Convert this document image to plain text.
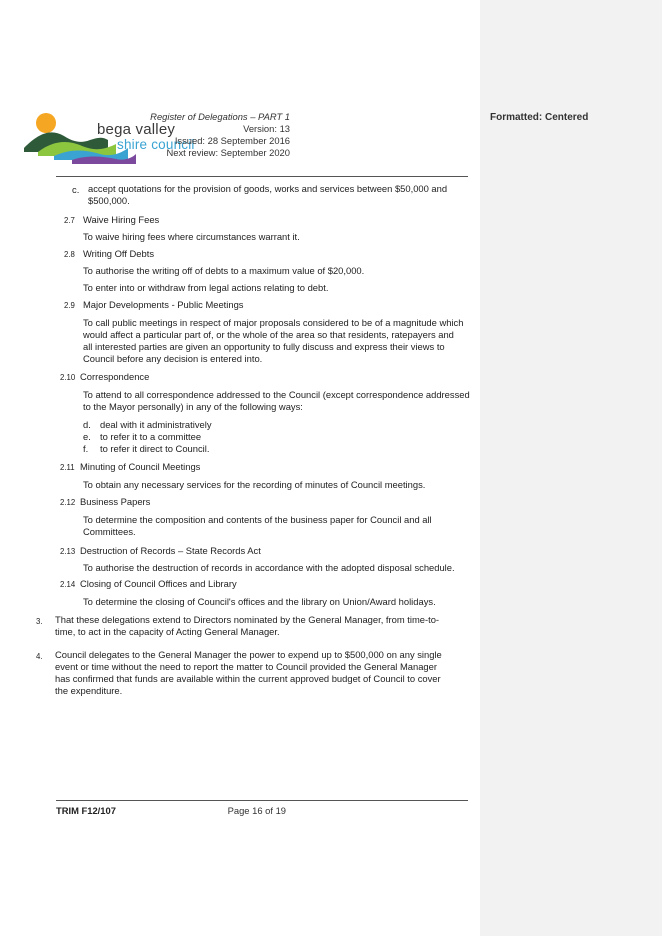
bega valley
shire council
Register of Delegations – PART 1
Version: 13
Issued: 28 September 2016
Next review: September 2020
c. accept quotations for the provision of goods, works and services between $50,000 and
$500,000.
2.7 Waive Hiring Fees
To waive hiring fees where circumstances warrant it.
2.8 Writing Off Debts
To authorise the writing off of debts to a maximum value of $20,000.
To enter into or withdraw from legal actions relating to debt.
2.9 Major Developments - Public Meetings
To call public meetings in respect of major proposals considered to be of a magnitude which
would affect a particular part of, or the whole of the area so that residents, ratepayers and
all interested parties are given an opportunity to fully discuss and express their views to
Council before any decision is entered into.
2.10 Correspondence
To attend to all correspondence addressed to the Council (except correspondence addressed
to the Mayor personally) in any of the following ways:
d. deal with it administratively
e. to refer it to a committee
f. to refer it direct to Council.
2.11 Minuting of Council Meetings
To obtain any necessary services for the recording of minutes of Council meetings.
2.12 Business Papers
To determine the composition and contents of the business paper for Council and all
Committees.
2.13 Destruction of Records – State Records Act
To authorise the destruction of records in accordance with the adopted disposal schedule.
2.14 Closing of Council Offices and Library
To determine the closing of Council's offices and the library on Union/Award holidays.
3. That these delegations extend to Directors nominated by the General Manager, from time-to-
time, to act in the capacity of Acting General Manager.
4. Council delegates to the General Manager the power to expend up to $500,000 on any single
event or time without the need to report the matter to Council provided the General Manager
has confirmed that funds are available within the current approved budget of Council to cover
the expenditure.
TRIM F12/107	Page 16 of 19
Formatted: Centered
